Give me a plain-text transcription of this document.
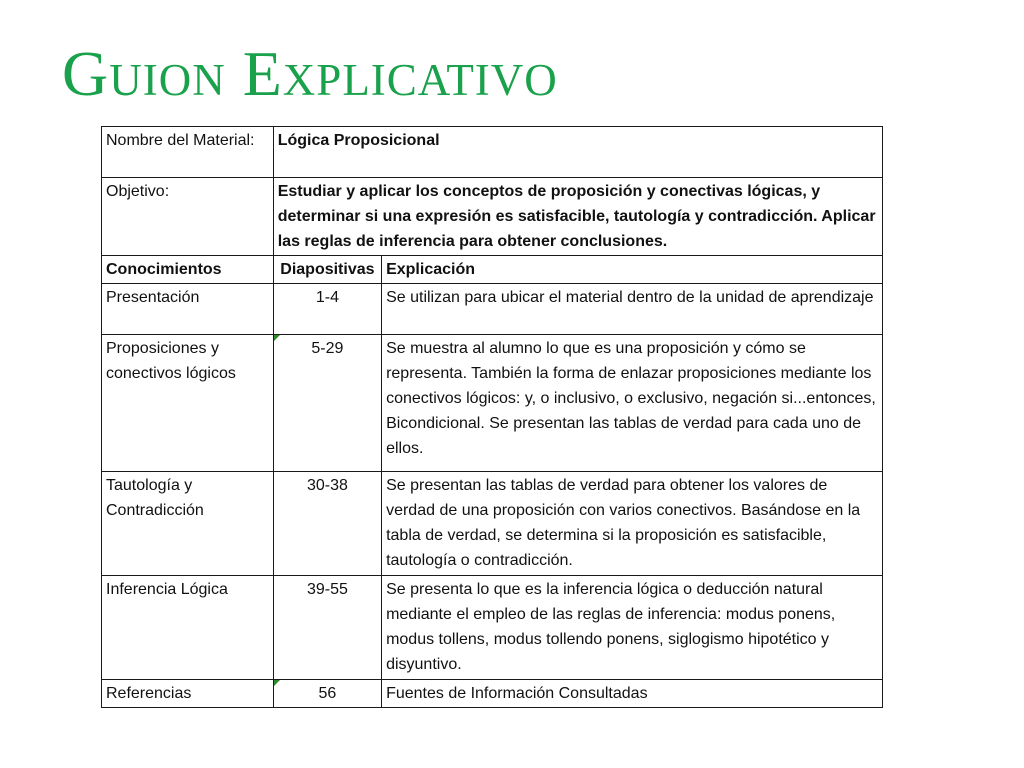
Guion Explicativo
Nombre del Material:	Lógica Proposicional	
Objetivo:	Estudiar y aplicar los conceptos de proposición y conectivas lógicas, y determinar si una expresión es satisfacible, tautología y contradicción. Aplicar las reglas de inferencia para obtener conclusiones.	
Conocimientos	Diapositivas	Explicación
Presentación	1-4	Se utilizan para ubicar el material dentro de la unidad de aprendizaje
Proposiciones y conectivos lógicos	5-29	Se muestra al alumno lo que es una proposición y cómo se representa. También la forma de enlazar proposiciones mediante los conectivos lógicos: y, o inclusivo, o exclusivo, negación si...entonces, Bicondicional. Se presentan las tablas de verdad para cada uno de ellos.
Tautología y Contradicción	30-38	Se presentan las tablas de verdad para obtener los valores de verdad de una proposición con varios conectivos. Basándose en la tabla de verdad, se determina si la proposición es satisfacible, tautología o contradicción.
Inferencia Lógica	39-55	Se presenta lo que es la inferencia lógica o deducción natural mediante el empleo de las reglas de inferencia: modus ponens, modus tollens, modus tollendo ponens, siglogismo hipotético y disyuntivo.
Referencias	56	Fuentes de Información Consultadas
